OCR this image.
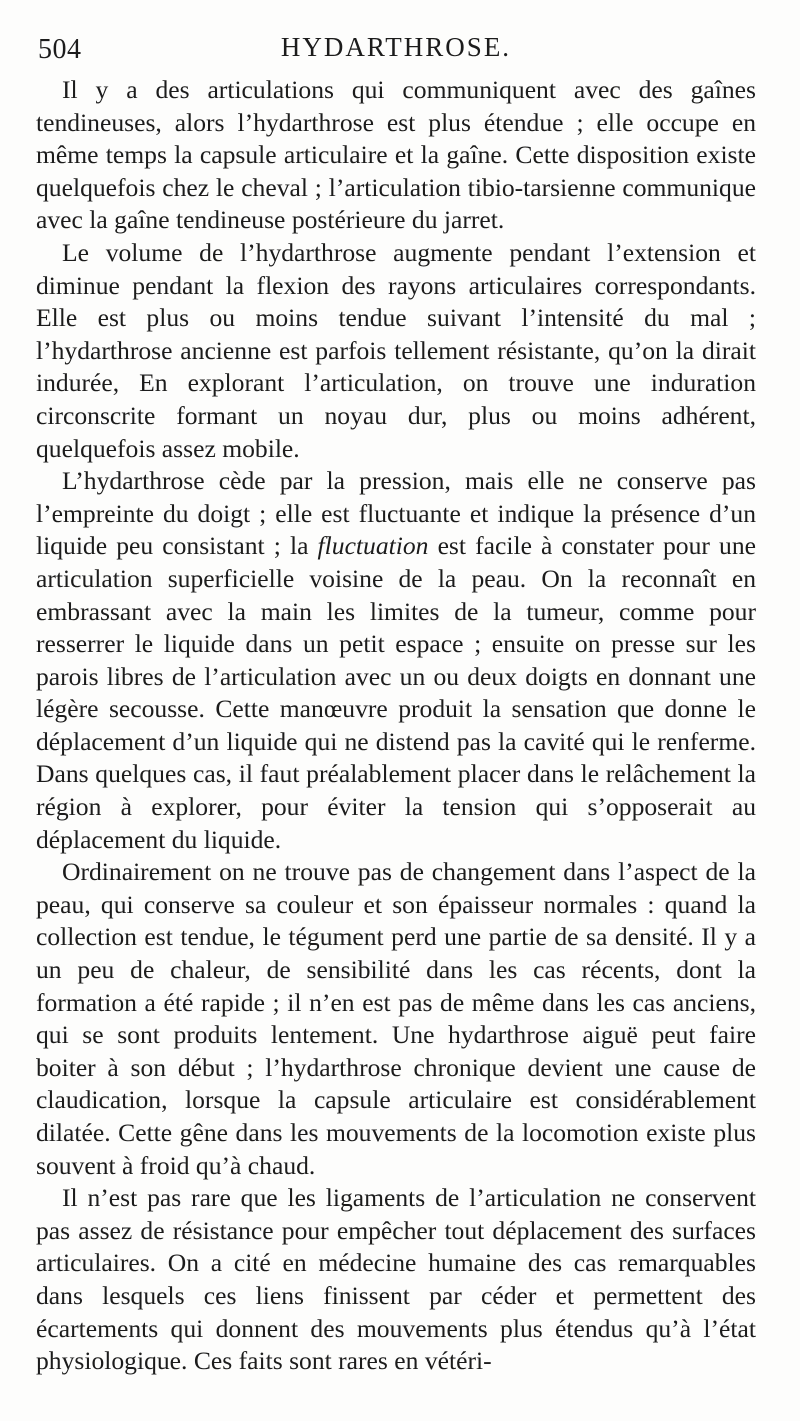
504	HYDARTHROSE.

Il y a des articulations qui communiquent avec des gaînes tendineuses, alors l’hydarthrose est plus étendue ; elle occupe en même temps la capsule articulaire et la gaîne. Cette disposition existe quelquefois chez le cheval ; l’articulation tibio-tarsienne communique avec la gaîne tendineuse postérieure du jarret.

Le volume de l’hydarthrose augmente pendant l’extension et diminue pendant la flexion des rayons articulaires correspondants. Elle est plus ou moins tendue suivant l’intensité du mal ; l’hydarthrose ancienne est parfois tellement résistante, qu’on la dirait indurée, En explorant l’articulation, on trouve une induration circonscrite formant un noyau dur, plus ou moins adhérent, quelquefois assez mobile.

L’hydarthrose cède par la pression, mais elle ne conserve pas l’empreinte du doigt ; elle est fluctuante et indique la présence d’un liquide peu consistant ; la fluctuation est facile à constater pour une articulation superficielle voisine de la peau. On la reconnaît en embrassant avec la main les limites de la tumeur, comme pour resserrer le liquide dans un petit espace ; ensuite on presse sur les parois libres de l’articulation avec un ou deux doigts en donnant une légère secousse. Cette manœuvre produit la sensation que donne le déplacement d’un liquide qui ne distend pas la cavité qui le renferme. Dans quelques cas, il faut préalablement placer dans le relâchement la région à explorer, pour éviter la tension qui s’opposerait au déplacement du liquide.

Ordinairement on ne trouve pas de changement dans l’aspect de la peau, qui conserve sa couleur et son épaisseur normales : quand la collection est tendue, le tégument perd une partie de sa densité. Il y a un peu de chaleur, de sensibilité dans les cas récents, dont la formation a été rapide ; il n’en est pas de même dans les cas anciens, qui se sont produits lentement. Une hydarthrose aiguë peut faire boiter à son début ; l’hydarthrose chronique devient une cause de claudication, lorsque la capsule articulaire est considérablement dilatée. Cette gêne dans les mouvements de la locomotion existe plus souvent à froid qu’à chaud.

Il n’est pas rare que les ligaments de l’articulation ne conservent pas assez de résistance pour empêcher tout déplacement des surfaces articulaires. On a cité en médecine humaine des cas remarquables dans lesquels ces liens finissent par céder et permettent des écartements qui donnent des mouvements plus étendus qu’à l’état physiologique. Ces faits sont rares en vétéri-
